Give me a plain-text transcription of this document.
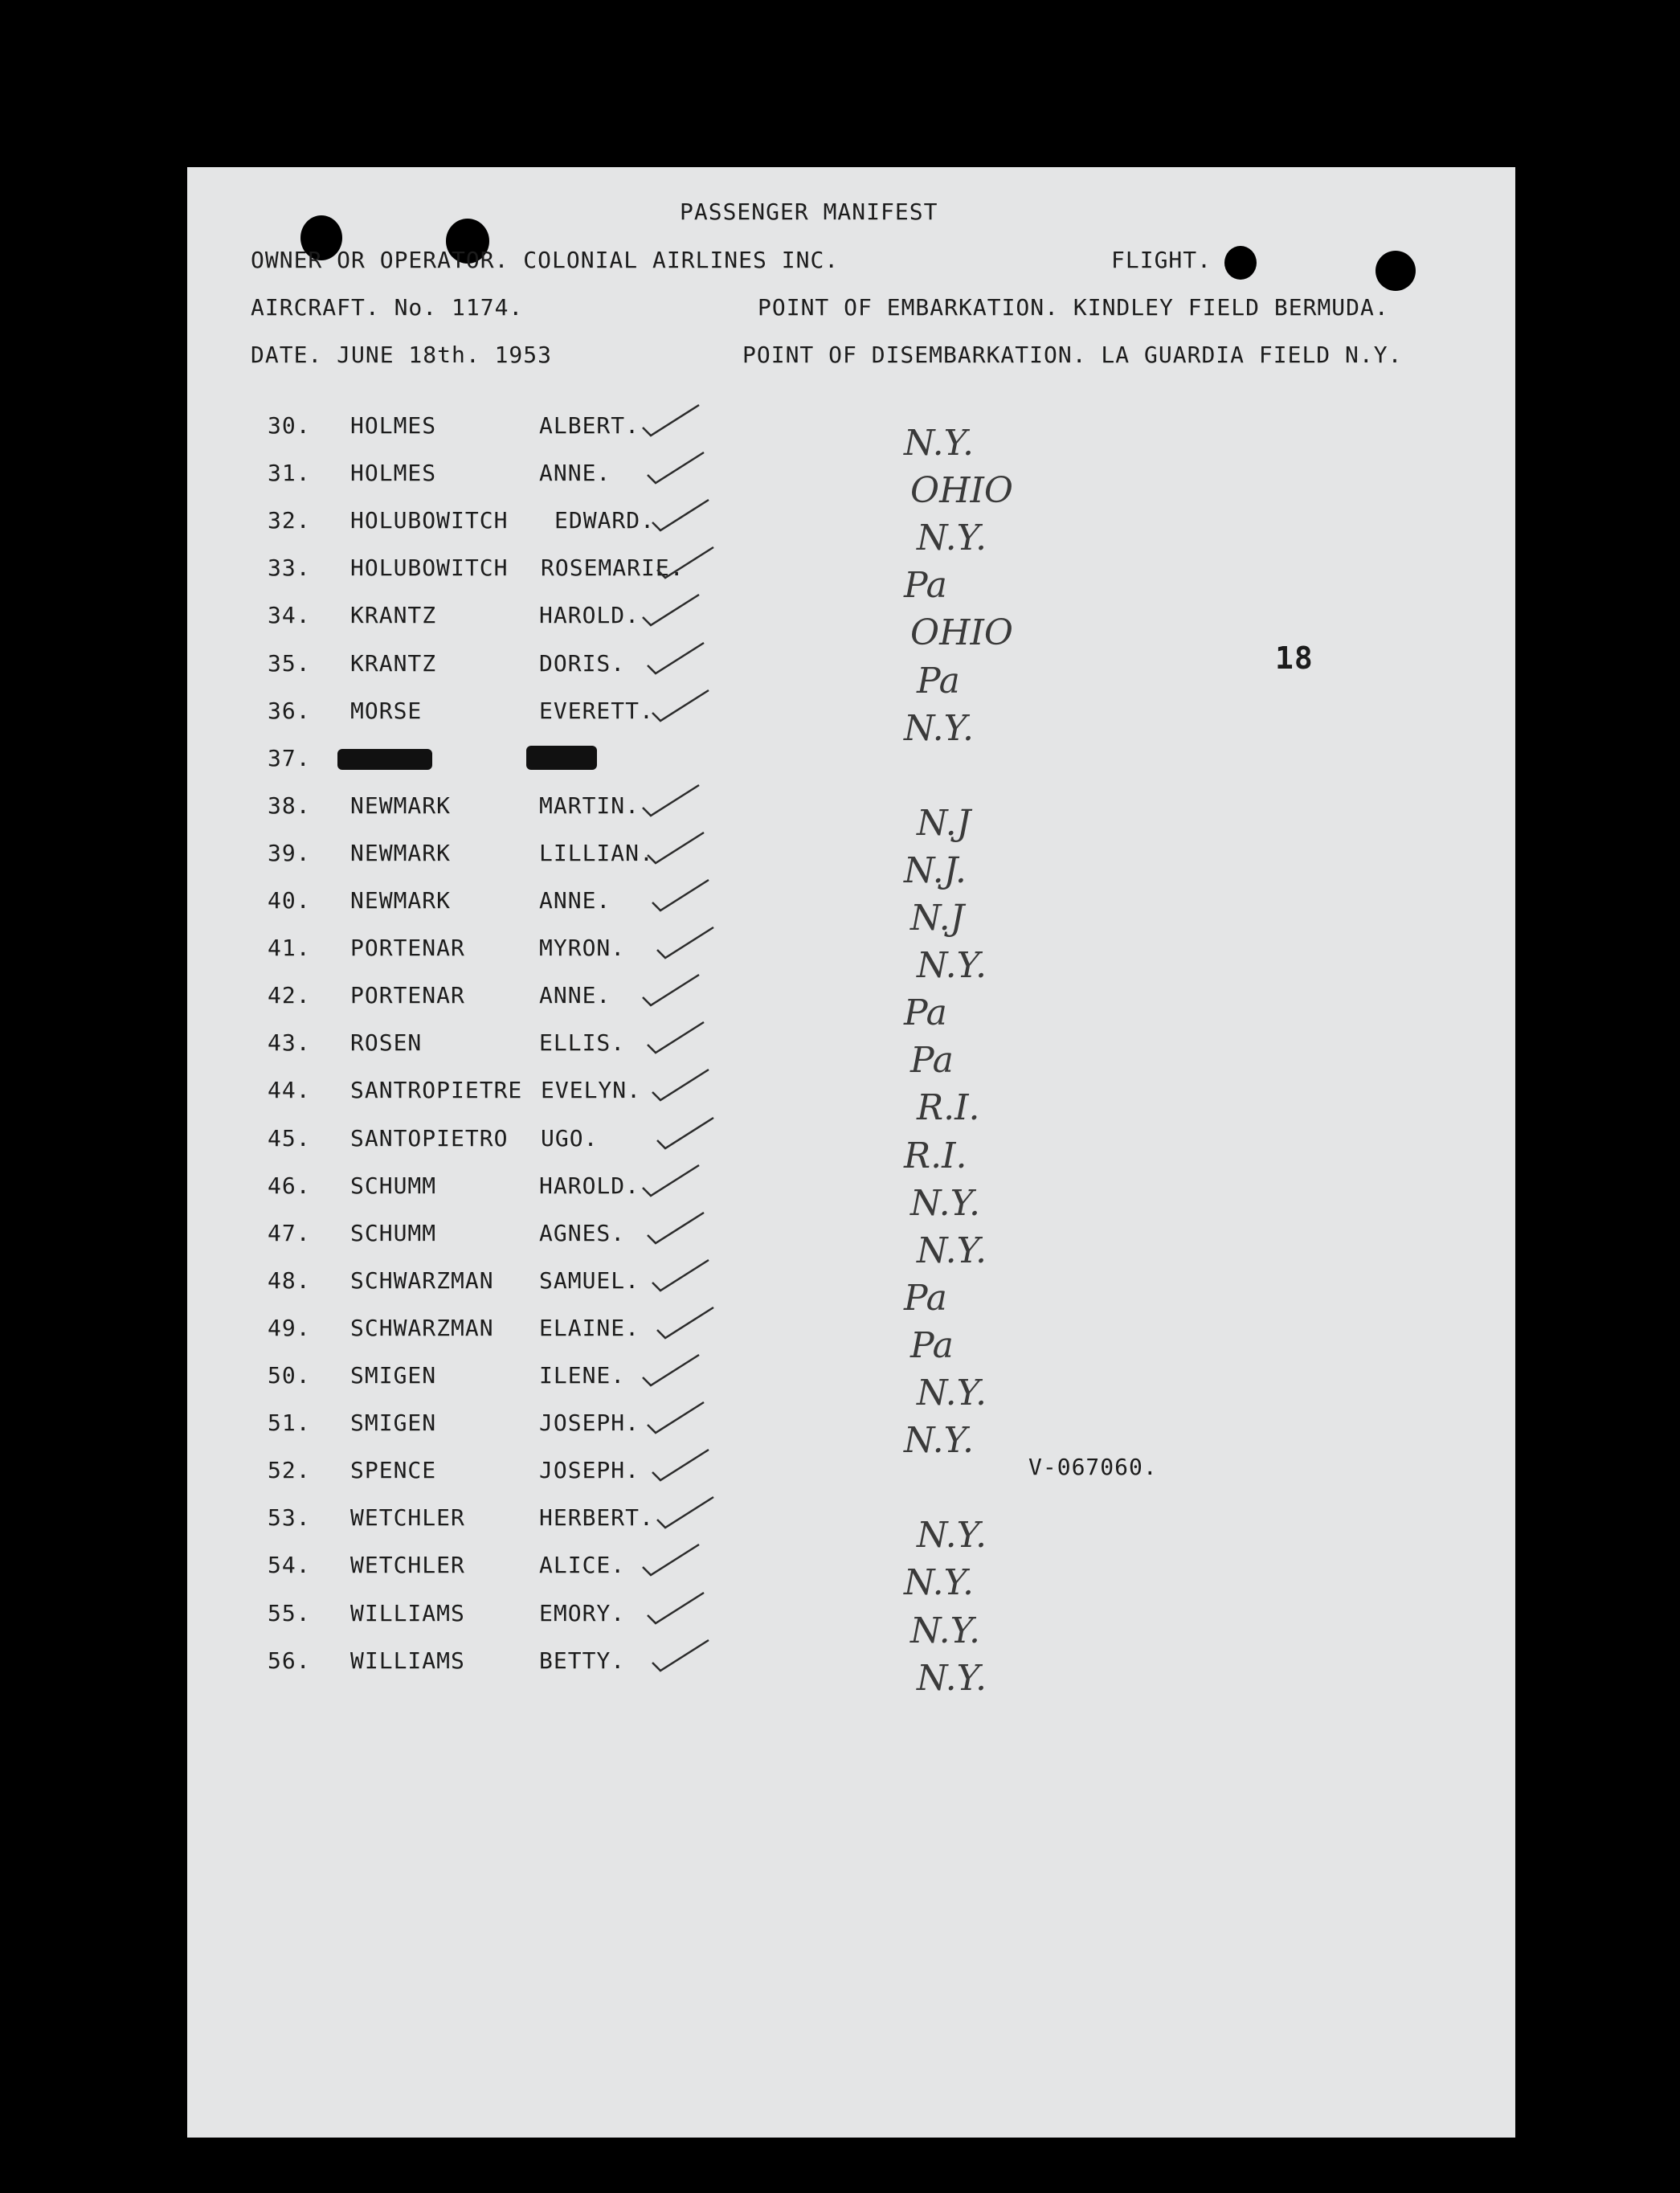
PASSENGER MANIFEST
OWNER OR OPERATOR. COLONIAL AIRLINES INC.	FLIGHT.
AIRCRAFT. No. 1174.	POINT OF EMBARKATION. KINDLEY FIELD BERMUDA.
DATE. JUNE 18th. 1953	POINT OF DISEMBARKATION. LA GUARDIA FIELD N.Y.
30. HOLMES	ALBERT.	N.Y.
31. HOLMES	ANNE.	OHIO
32. HOLUBOWITCH EDWARD.	N.Y.
33. HOLUBOWITCH ROSEMARIE.	Pa
34. KRANTZ	HAROLD.	OHIO
35. KRANTZ	DORIS.	Pa
36. MORSE	EVERETT.	N.Y.
37.
38. NEWMARK	MARTIN.	N.J
39. NEWMARK	LILLIAN.	N.J.
40. NEWMARK	ANNE.	N.J
41. PORTENAR	MYRON.	N.Y.
42. PORTENAR	ANNE.	Pa
43. ROSEN	ELLIS.	Pa
44. SANTROPIETRE EVELYN.	R.I.
45. SANTOPIETRO UGO.	R.I.
46. SCHUMM	HAROLD.	N.Y.
47. SCHUMM	AGNES.	N.Y.
48. SCHWARZMAN SAMUEL.	Pa
49. SCHWARZMAN ELAINE.	Pa
50. SMIGEN	ILENE.	N.Y.
51. SMIGEN	JOSEPH.	N.Y.
52. SPENCE	JOSEPH.
53. WETCHLER	HERBERT.	N.Y.
54. WETCHLER	ALICE.	N.Y.
55. WILLIAMS	EMORY.	N.Y.
56. WILLIAMS	BETTY.	N.Y.
18
V-067060.
